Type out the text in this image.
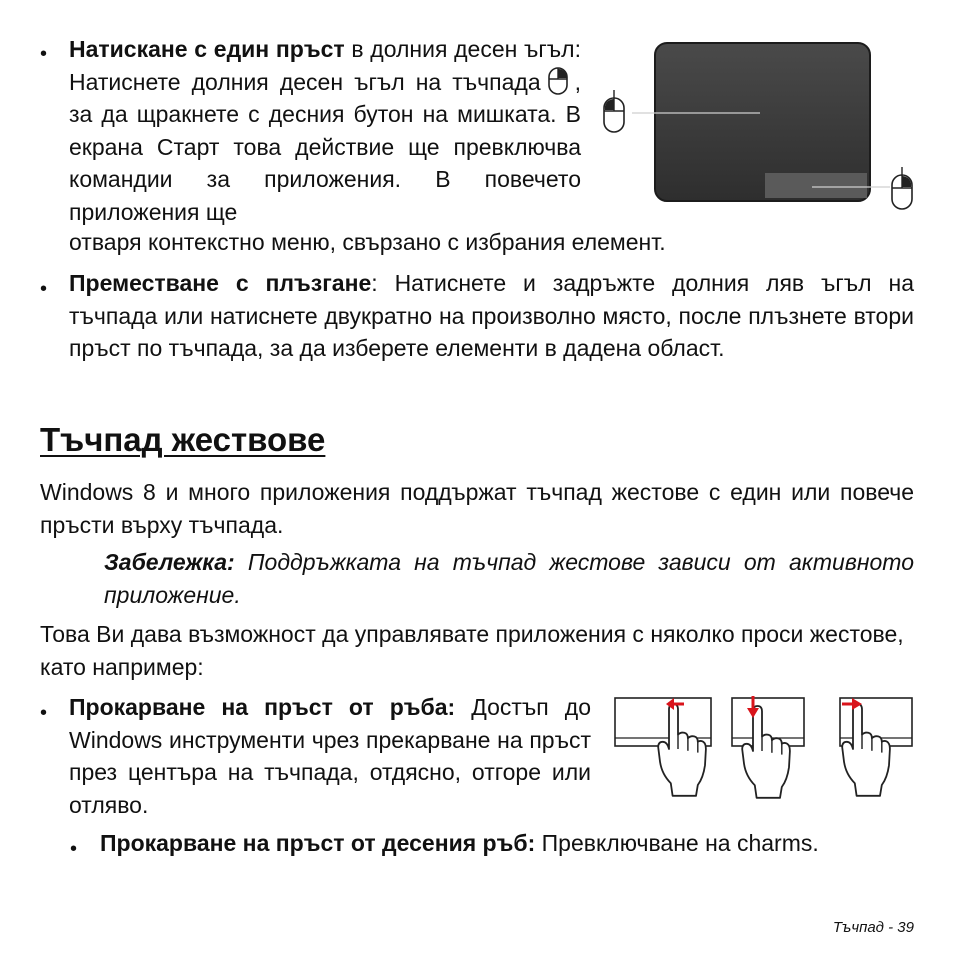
• Натискане с един пръст в долния десен ъгъл: Натиснете долния десен ъгъл на тъчпада , за да щракнете с десния бутон на мишката. В екрана Старт това действие ще превключва командии за приложения. В повечето приложения ще
отваря контекстно меню, свързано с избрания елемент.
• Преместване с плъзгане: Натиснете и задръжте долния ляв ъгъл на тъчпада или натиснете двукратно на произволно място, после плъзнете втори пръст по тъчпада, за да изберете елементи в дадена област.
Тъчпад жествове
Windows 8 и много приложения поддържат тъчпад жестове с един или повече пръсти върху тъчпада.
Забележка: Поддръжката на тъчпад жестове зависи от активното приложение.
Това Ви дава възможност да управлявате приложения с няколко проси жестове, като например:
• Прокарване на пръст от ръба: Достъп до Windows инструменти чрез прекарване на пръст през центъра на тъчпада, отдясно, отгоре или отляво.
• Прокарване на пръст от десения ръб: Превключване на charms.
Тъчпад - 39
